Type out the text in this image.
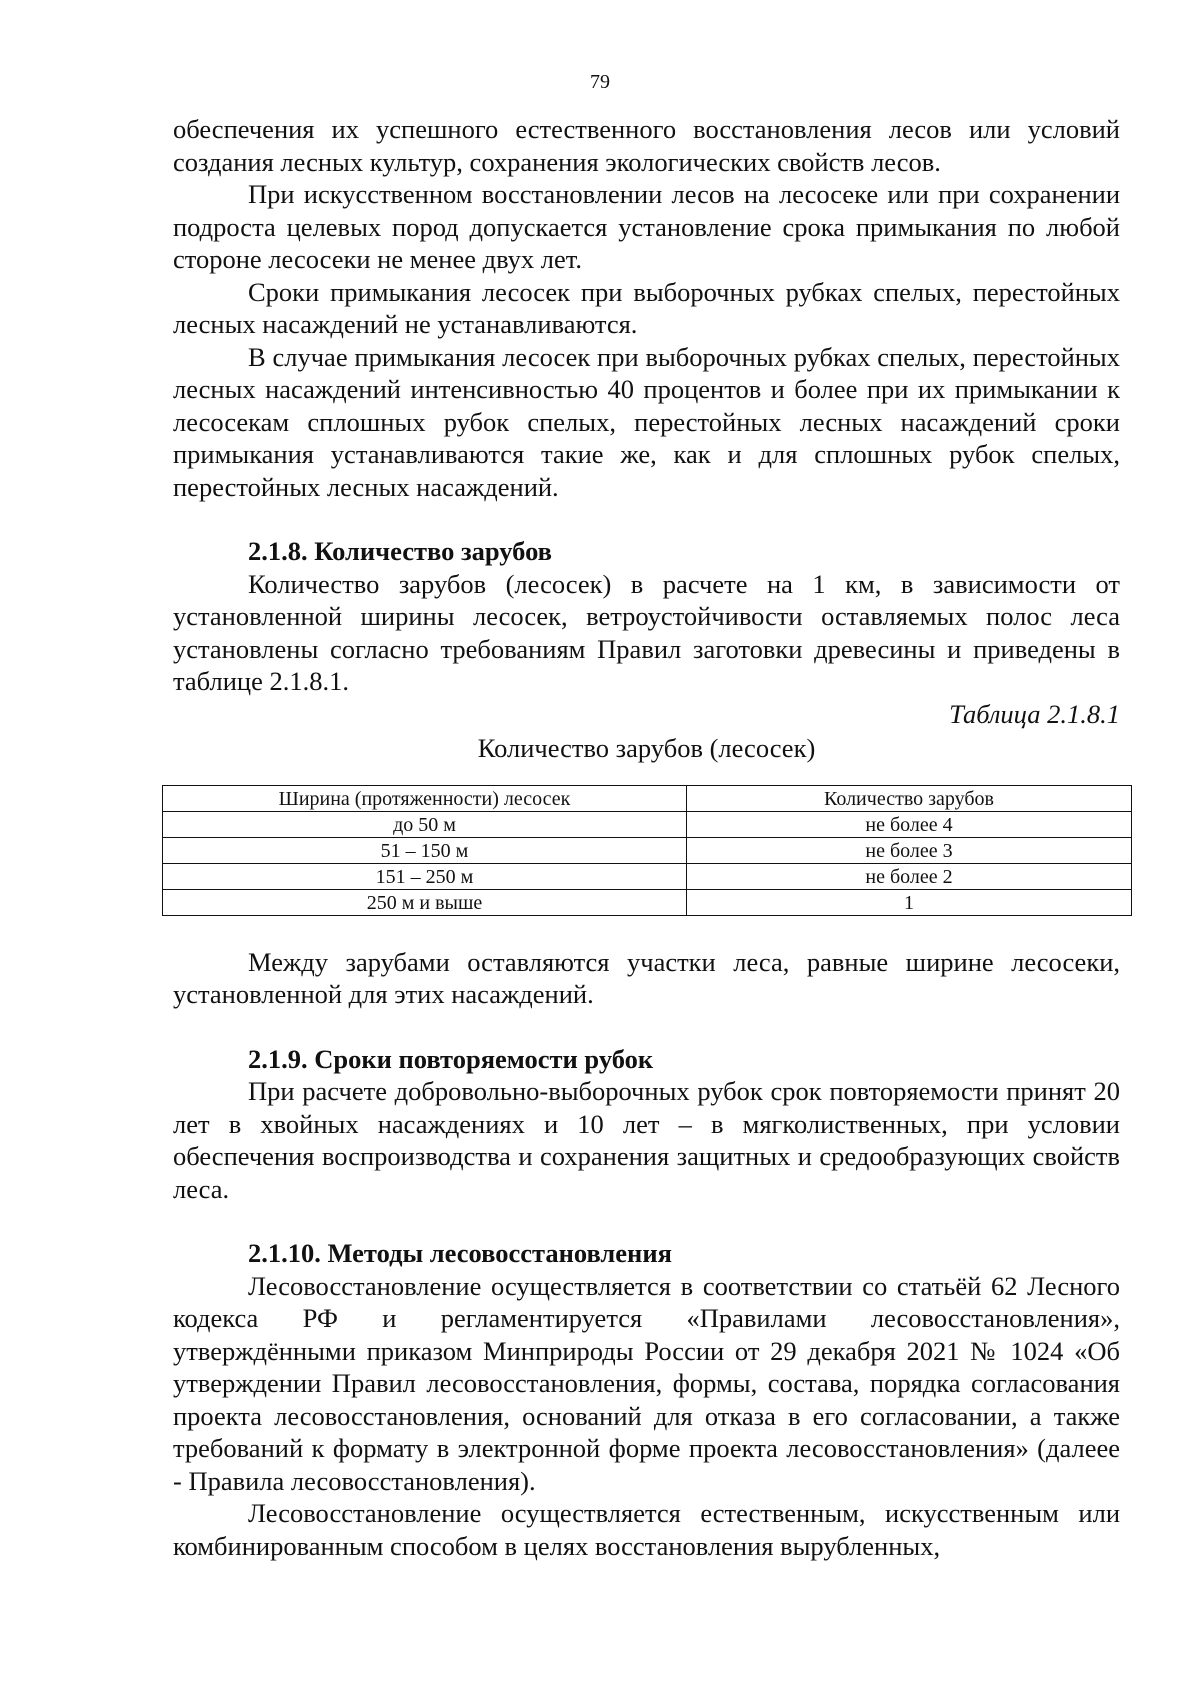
79

обеспечения их успешного естественного восстановления лесов или условий создания лесных культур, сохранения экологических свойств лесов.

При искусственном восстановлении лесов на лесосеке или при сохранении подроста целевых пород допускается установление срока примыкания по любой стороне лесосеки не менее двух лет.

Сроки примыкания лесосек при выборочных рубках спелых, перестойных лесных насаждений не устанавливаются.

В случае примыкания лесосек при выборочных рубках спелых, перестойных лесных насаждений интенсивностью 40 процентов и более при их примыкании к лесосекам сплошных рубок спелых, перестойных лесных насаждений сроки примыкания устанавливаются такие же, как и для сплошных рубок спелых, перестойных лесных насаждений.

2.1.8. Количество зарубов

Количество зарубов (лесосек) в расчете на 1 км, в зависимости от установленной ширины лесосек, ветроустойчивости оставляемых полос леса установлены согласно требованиям Правил заготовки древесины и приведены в таблице 2.1.8.1.

Таблица 2.1.8.1

Количество зарубов (лесосек)

Ширина (протяженности) лесосек	Количество зарубов
до 50 м	не более 4
51 – 150 м	не более 3
151 – 250 м	не более 2
250 м и выше	1

Между зарубами оставляются участки леса, равные ширине лесосеки, установленной для этих насаждений.

2.1.9. Сроки повторяемости рубок

При расчете добровольно-выборочных рубок срок повторяемости принят 20 лет в хвойных насаждениях и 10 лет – в мягколиственных, при условии обеспечения воспроизводства и сохранения защитных и средообразующих свойств леса.

2.1.10. Методы лесовосстановления

Лесовосстановление осуществляется в соответствии со статьёй 62 Лесного кодекса РФ и регламентируется «Правилами лесовосстановления», утверждёнными приказом Минприроды России от 29 декабря 2021 № 1024 «Об утверждении Правил лесовосстановления, формы, состава, порядка согласования проекта лесовосстановления, оснований для отказа в его согласовании, а также требований к формату в электронной форме проекта лесовосстановления» (далеее - Правила лесовосстановления).

Лесовосстановление осуществляется естественным, искусственным или комбинированным способом в целях восстановления вырубленных,
